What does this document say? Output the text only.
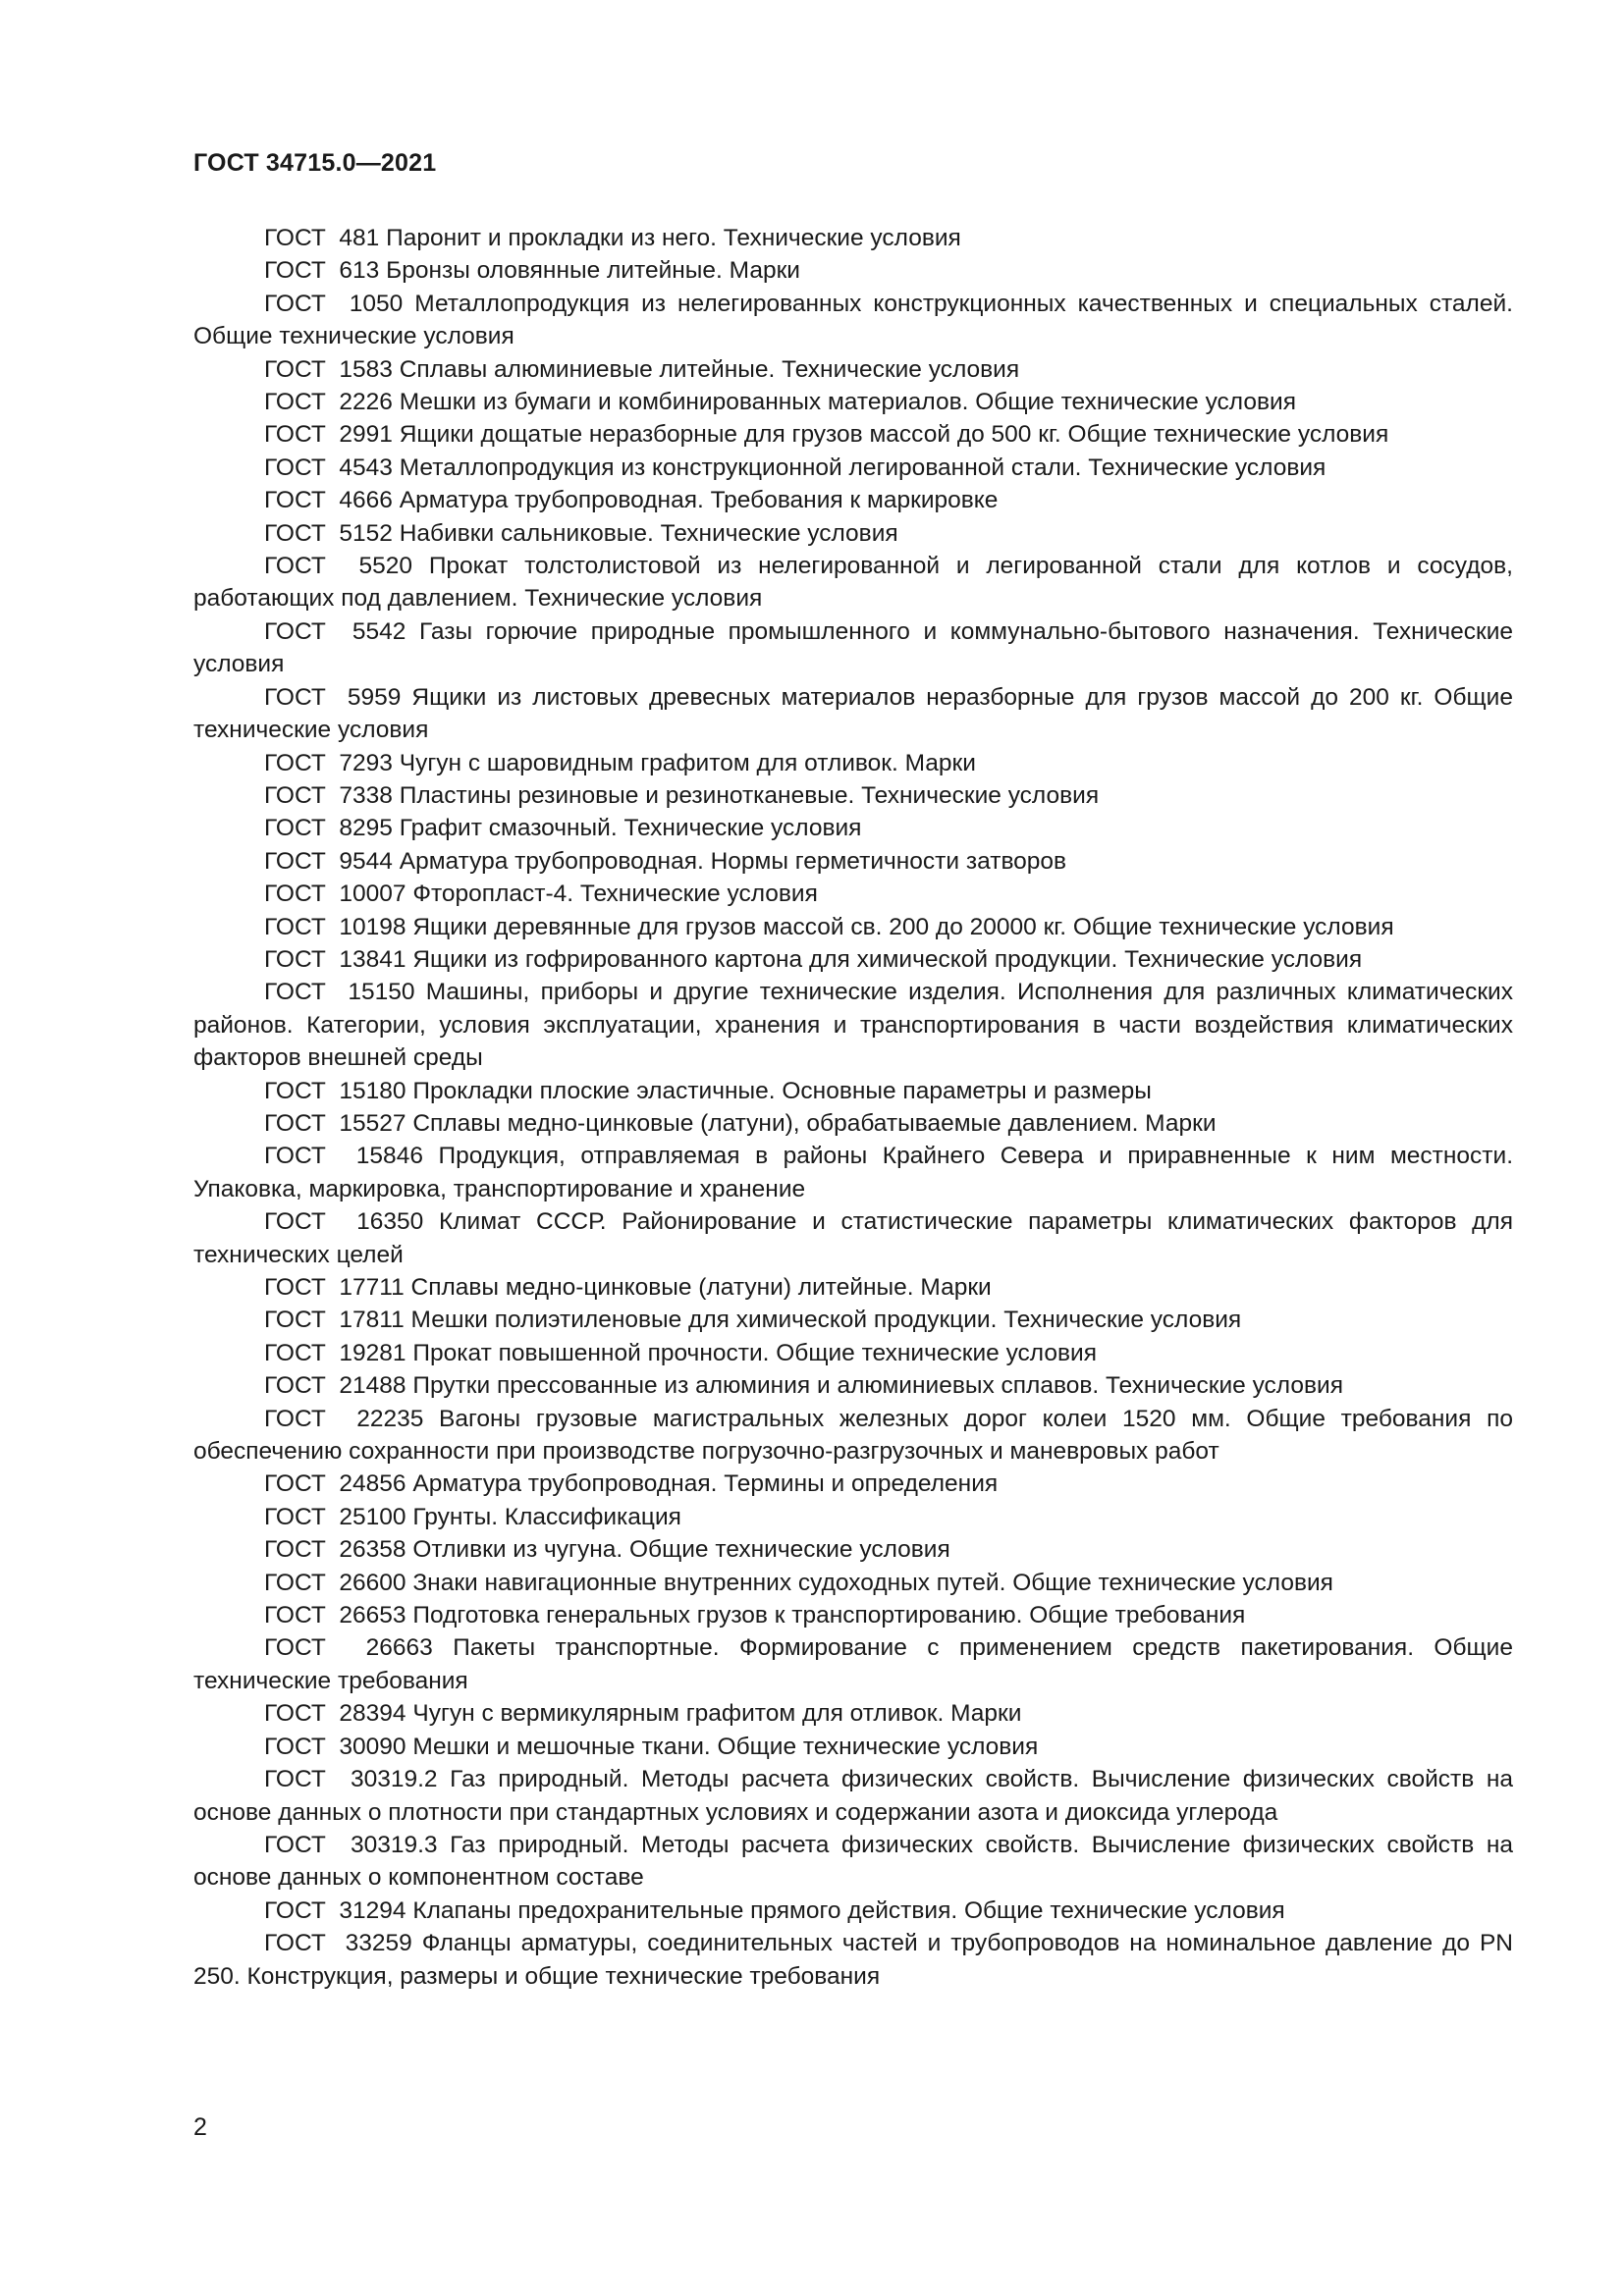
ГОСТ 34715.0—2021

ГОСТ  481 Паронит и прокладки из него. Технические условия

ГОСТ  613 Бронзы оловянные литейные. Марки

ГОСТ  1050 Металлопродукция из нелегированных конструкционных качественных и специальных сталей. Общие технические условия

ГОСТ  1583 Сплавы алюминиевые литейные. Технические условия

ГОСТ  2226 Мешки из бумаги и комбинированных материалов. Общие технические условия

ГОСТ  2991 Ящики дощатые неразборные для грузов массой до 500 кг. Общие технические условия

ГОСТ  4543 Металлопродукция из конструкционной легированной стали. Технические условия

ГОСТ  4666 Арматура трубопроводная. Требования к маркировке

ГОСТ  5152 Набивки сальниковые. Технические условия

ГОСТ  5520 Прокат толстолистовой из нелегированной и легированной стали для котлов и сосудов, работающих под давлением. Технические условия

ГОСТ  5542 Газы горючие природные промышленного и коммунально-бытового назначения. Технические условия

ГОСТ  5959 Ящики из листовых древесных материалов неразборные для грузов массой до 200 кг. Общие технические условия

ГОСТ  7293 Чугун с шаровидным графитом для отливок. Марки

ГОСТ  7338 Пластины резиновые и резинотканевые. Технические условия

ГОСТ  8295 Графит смазочный. Технические условия

ГОСТ  9544 Арматура трубопроводная. Нормы герметичности затворов

ГОСТ  10007 Фторопласт-4. Технические условия

ГОСТ  10198 Ящики деревянные для грузов массой св. 200 до 20000 кг. Общие технические условия

ГОСТ  13841 Ящики из гофрированного картона для химической продукции. Технические условия

ГОСТ  15150 Машины, приборы и другие технические изделия. Исполнения для различных климатических районов. Категории, условия эксплуатации, хранения и транспортирования в части воздействия климатических факторов внешней среды

ГОСТ  15180 Прокладки плоские эластичные. Основные параметры и размеры

ГОСТ  15527 Сплавы медно-цинковые (латуни), обрабатываемые давлением. Марки

ГОСТ  15846 Продукция, отправляемая в районы Крайнего Севера и приравненные к ним местности. Упаковка, маркировка, транспортирование и хранение

ГОСТ  16350 Климат СССР. Районирование и статистические параметры климатических факторов для технических целей

ГОСТ  17711 Сплавы медно-цинковые (латуни) литейные. Марки

ГОСТ  17811 Мешки полиэтиленовые для химической продукции. Технические условия

ГОСТ  19281 Прокат повышенной прочности. Общие технические условия

ГОСТ  21488 Прутки прессованные из алюминия и алюминиевых сплавов. Технические условия

ГОСТ  22235 Вагоны грузовые магистральных железных дорог колеи 1520 мм. Общие требования по обеспечению сохранности при производстве погрузочно-разгрузочных и маневровых работ

ГОСТ  24856 Арматура трубопроводная. Термины и определения

ГОСТ  25100 Грунты. Классификация

ГОСТ  26358 Отливки из чугуна. Общие технические условия

ГОСТ  26600 Знаки навигационные внутренних судоходных путей. Общие технические условия

ГОСТ  26653 Подготовка генеральных грузов к транспортированию. Общие требования

ГОСТ  26663 Пакеты транспортные. Формирование с применением средств пакетирования. Общие технические требования

ГОСТ  28394 Чугун с вермикулярным графитом для отливок. Марки

ГОСТ  30090 Мешки и мешочные ткани. Общие технические условия

ГОСТ  30319.2 Газ природный. Методы расчета физических свойств. Вычисление физических свойств на основе данных о плотности при стандартных условиях и содержании азота и диоксида углерода

ГОСТ  30319.3 Газ природный. Методы расчета физических свойств. Вычисление физических свойств на основе данных о компонентном составе

ГОСТ  31294 Клапаны предохранительные прямого действия. Общие технические условия

ГОСТ  33259 Фланцы арматуры, соединительных частей и трубопроводов на номинальное давление до PN 250. Конструкция, размеры и общие технические требования

2
